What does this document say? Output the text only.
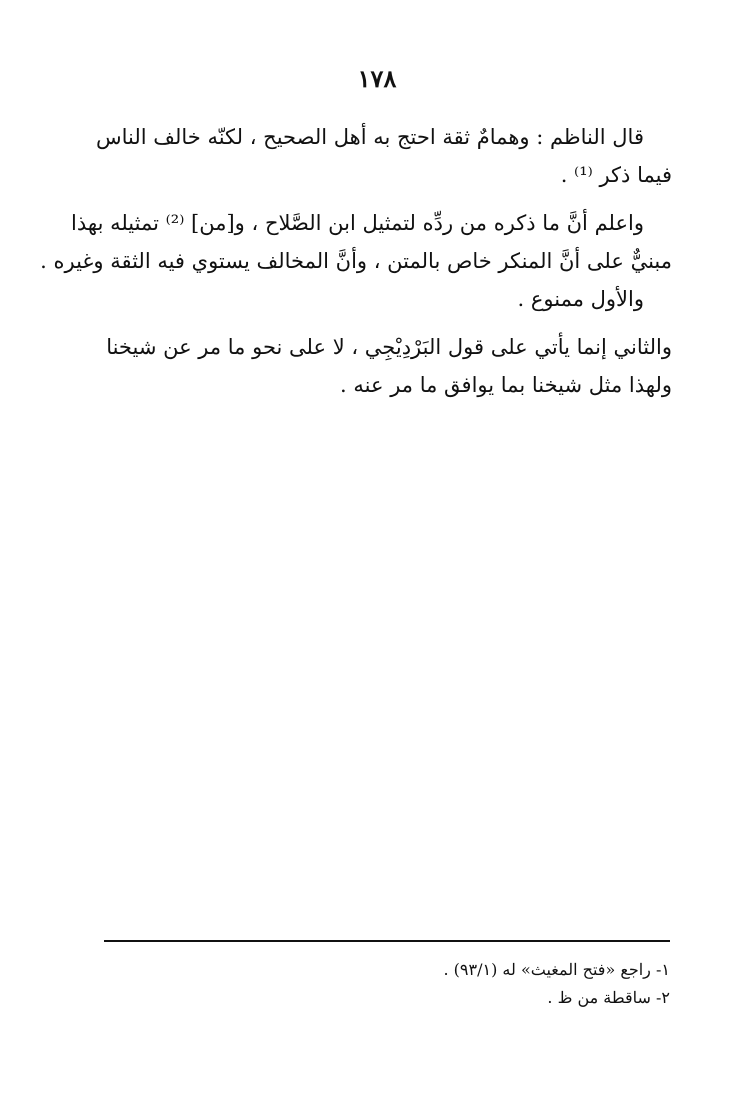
١٧٨
قال الناظم : وهمامٌ ثقة احتج به أهل الصحيح ، لكنّه خالف الناس
فيما ذكر ⁽¹⁾ .
واعلم أنَّ ما ذكره من ردِّه لتمثيل ابن الصَّلاح ، و[من] ⁽²⁾ تمثيله بهذا
مبنيٌّ على أنَّ المنكر خاص بالمتن ، وأنَّ المخالف يستوي فيه الثقة وغيره .
والأول ممنوع .
والثاني إنما يأتي على قول البَرْدِيْجِي ، لا على نحو ما مر عن شيخنا
ولهذا مثل شيخنا بما يوافق ما مر عنه .
١- راجع «فتح المغيث» له (٩٣/١) .
٢- ساقطة من ظ .
